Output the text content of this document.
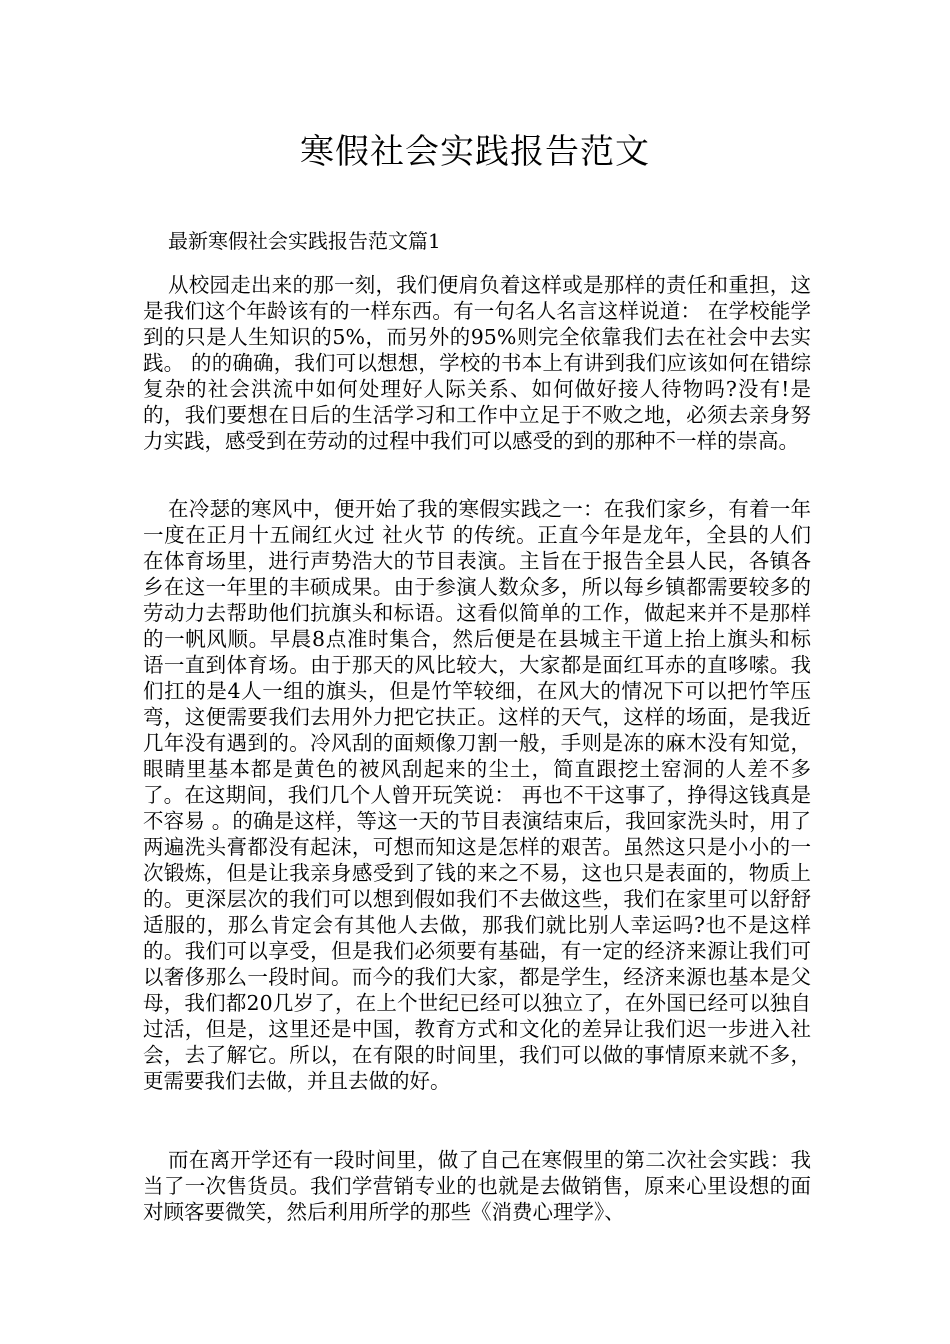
寒假社会实践报告范文
最新寒假社会实践报告范文篇1

从校园走出来的那一刻，我们便肩负着这样或是那样的责任和重担，这是我们这个年龄该有的一样东西。有一句名人名言这样说道： 在学校能学到的只是人生知识的5%，而另外的95%则完全依靠我们去在社会中去实践。 的的确确，我们可以想想，学校的书本上有讲到我们应该如何在错综复杂的社会洪流中如何处理好人际关系、如何做好接人待物吗?没有!是的，我们要想在日后的生活学习和工作中立足于不败之地，必须去亲身努力实践，感受到在劳动的过程中我们可以感受的到的那种不一样的崇高。

在冷瑟的寒风中，便开始了我的寒假实践之一：在我们家乡，有着一年一度在正月十五闹红火过 社火节 的传统。正直今年是龙年，全县的人们在体育场里，进行声势浩大的节目表演。主旨在于报告全县人民，各镇各乡在这一年里的丰硕成果。由于参演人数众多，所以每乡镇都需要较多的劳动力去帮助他们抗旗头和标语。这看似简单的工作，做起来并不是那样的一帆风顺。早晨8点准时集合，然后便是在县城主干道上抬上旗头和标语一直到体育场。由于那天的风比较大，大家都是面红耳赤的直哆嗦。我们扛的是4人一组的旗头，但是竹竿较细，在风大的情况下可以把竹竿压弯，这便需要我们去用外力把它扶正。这样的天气，这样的场面，是我近几年没有遇到的。冷风刮的面颊像刀割一般，手则是冻的麻木没有知觉，眼睛里基本都是黄色的被风刮起来的尘土，简直跟挖土窑洞的人差不多了。在这期间，我们几个人曾开玩笑说： 再也不干这事了，挣得这钱真是不容易 。的确是这样，等这一天的节目表演结束后，我回家洗头时，用了两遍洗头膏都没有起沫，可想而知这是怎样的艰苦。虽然这只是小小的一次锻炼，但是让我亲身感受到了钱的来之不易，这也只是表面的，物质上的。更深层次的我们可以想到假如我们不去做这些，我们在家里可以舒舒适服的，那么肯定会有其他人去做，那我们就比别人幸运吗?也不是这样的。我们可以享受，但是我们必须要有基础，有一定的经济来源让我们可以奢侈那么一段时间。而今的我们大家，都是学生，经济来源也基本是父母，我们都20几岁了，在上个世纪已经可以独立了，在外国已经可以独自过活，但是，这里还是中国，教育方式和文化的差异让我们迟一步进入社会，去了解它。所以，在有限的时间里，我们可以做的事情原来就不多，更需要我们去做，并且去做的好。

而在离开学还有一段时间里，做了自己在寒假里的第二次社会实践：我当了一次售货员。我们学营销专业的也就是去做销售，原来心里设想的面对顾客要微笑，然后利用所学的那些《消费心理学》、
